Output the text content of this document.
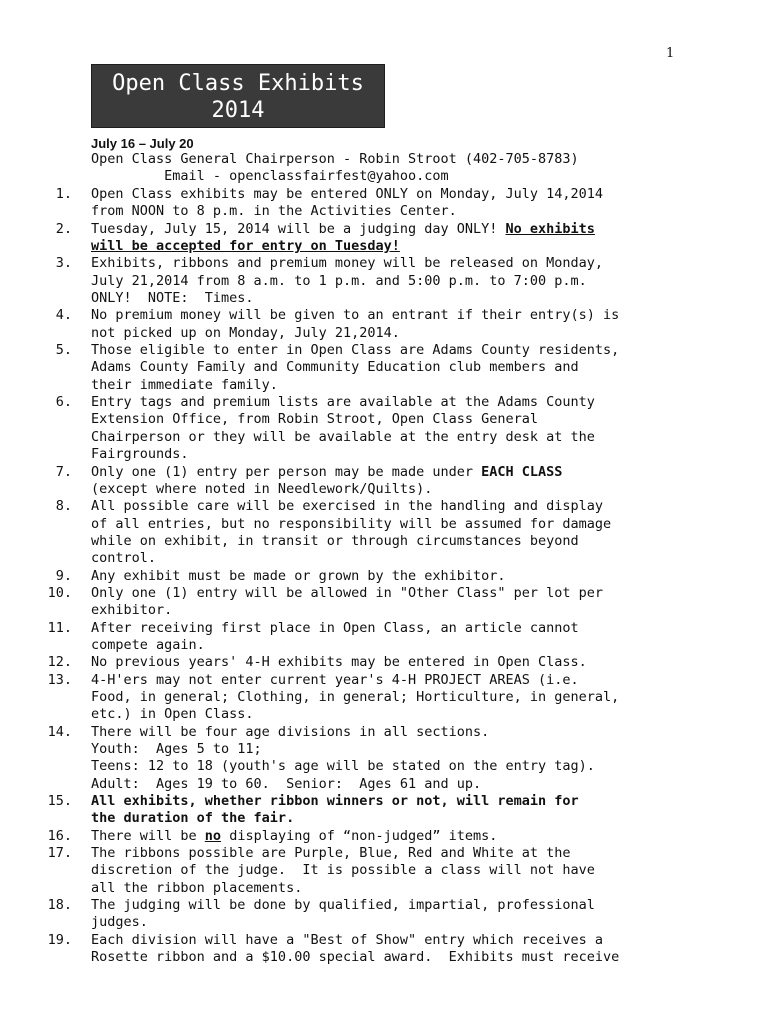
1
Open Class Exhibits
2014
July 16 – July 20
Open Class General Chairperson - Robin Stroot (402-705-8783)
Email - openclassfairfest@yahoo.com
1. Open Class exhibits may be entered ONLY on Monday, July 14,2014
from NOON to 8 p.m. in the Activities Center.
2. Tuesday, July 15, 2014 will be a judging day ONLY! No exhibits
will be accepted for entry on Tuesday!
3. Exhibits, ribbons and premium money will be released on Monday,
July 21,2014 from 8 a.m. to 1 p.m. and 5:00 p.m. to 7:00 p.m.
ONLY!  NOTE:  Times.
4. No premium money will be given to an entrant if their entry(s) is
not picked up on Monday, July 21,2014.
5. Those eligible to enter in Open Class are Adams County residents,
Adams County Family and Community Education club members and
their immediate family.
6. Entry tags and premium lists are available at the Adams County
Extension Office, from Robin Stroot, Open Class General
Chairperson or they will be available at the entry desk at the
Fairgrounds.
7. Only one (1) entry per person may be made under EACH CLASS
(except where noted in Needlework/Quilts).
8. All possible care will be exercised in the handling and display
of all entries, but no responsibility will be assumed for damage
while on exhibit, in transit or through circumstances beyond
control.
9. Any exhibit must be made or grown by the exhibitor.
10. Only one (1) entry will be allowed in "Other Class" per lot per
exhibitor.
11. After receiving first place in Open Class, an article cannot
compete again.
12. No previous years' 4-H exhibits may be entered in Open Class.
13. 4-H'ers may not enter current year's 4-H PROJECT AREAS (i.e.
Food, in general; Clothing, in general; Horticulture, in general,
etc.) in Open Class.
14. There will be four age divisions in all sections.
Youth:  Ages 5 to 11;
Teens: 12 to 18 (youth's age will be stated on the entry tag).
Adult:  Ages 19 to 60.  Senior:  Ages 61 and up.
15. All exhibits, whether ribbon winners or not, will remain for
the duration of the fair.
16. There will be no displaying of “non-judged” items.
17. The ribbons possible are Purple, Blue, Red and White at the
discretion of the judge.  It is possible a class will not have
all the ribbon placements.
18. The judging will be done by qualified, impartial, professional
judges.
19. Each division will have a "Best of Show" entry which receives a
Rosette ribbon and a $10.00 special award.  Exhibits must receive
